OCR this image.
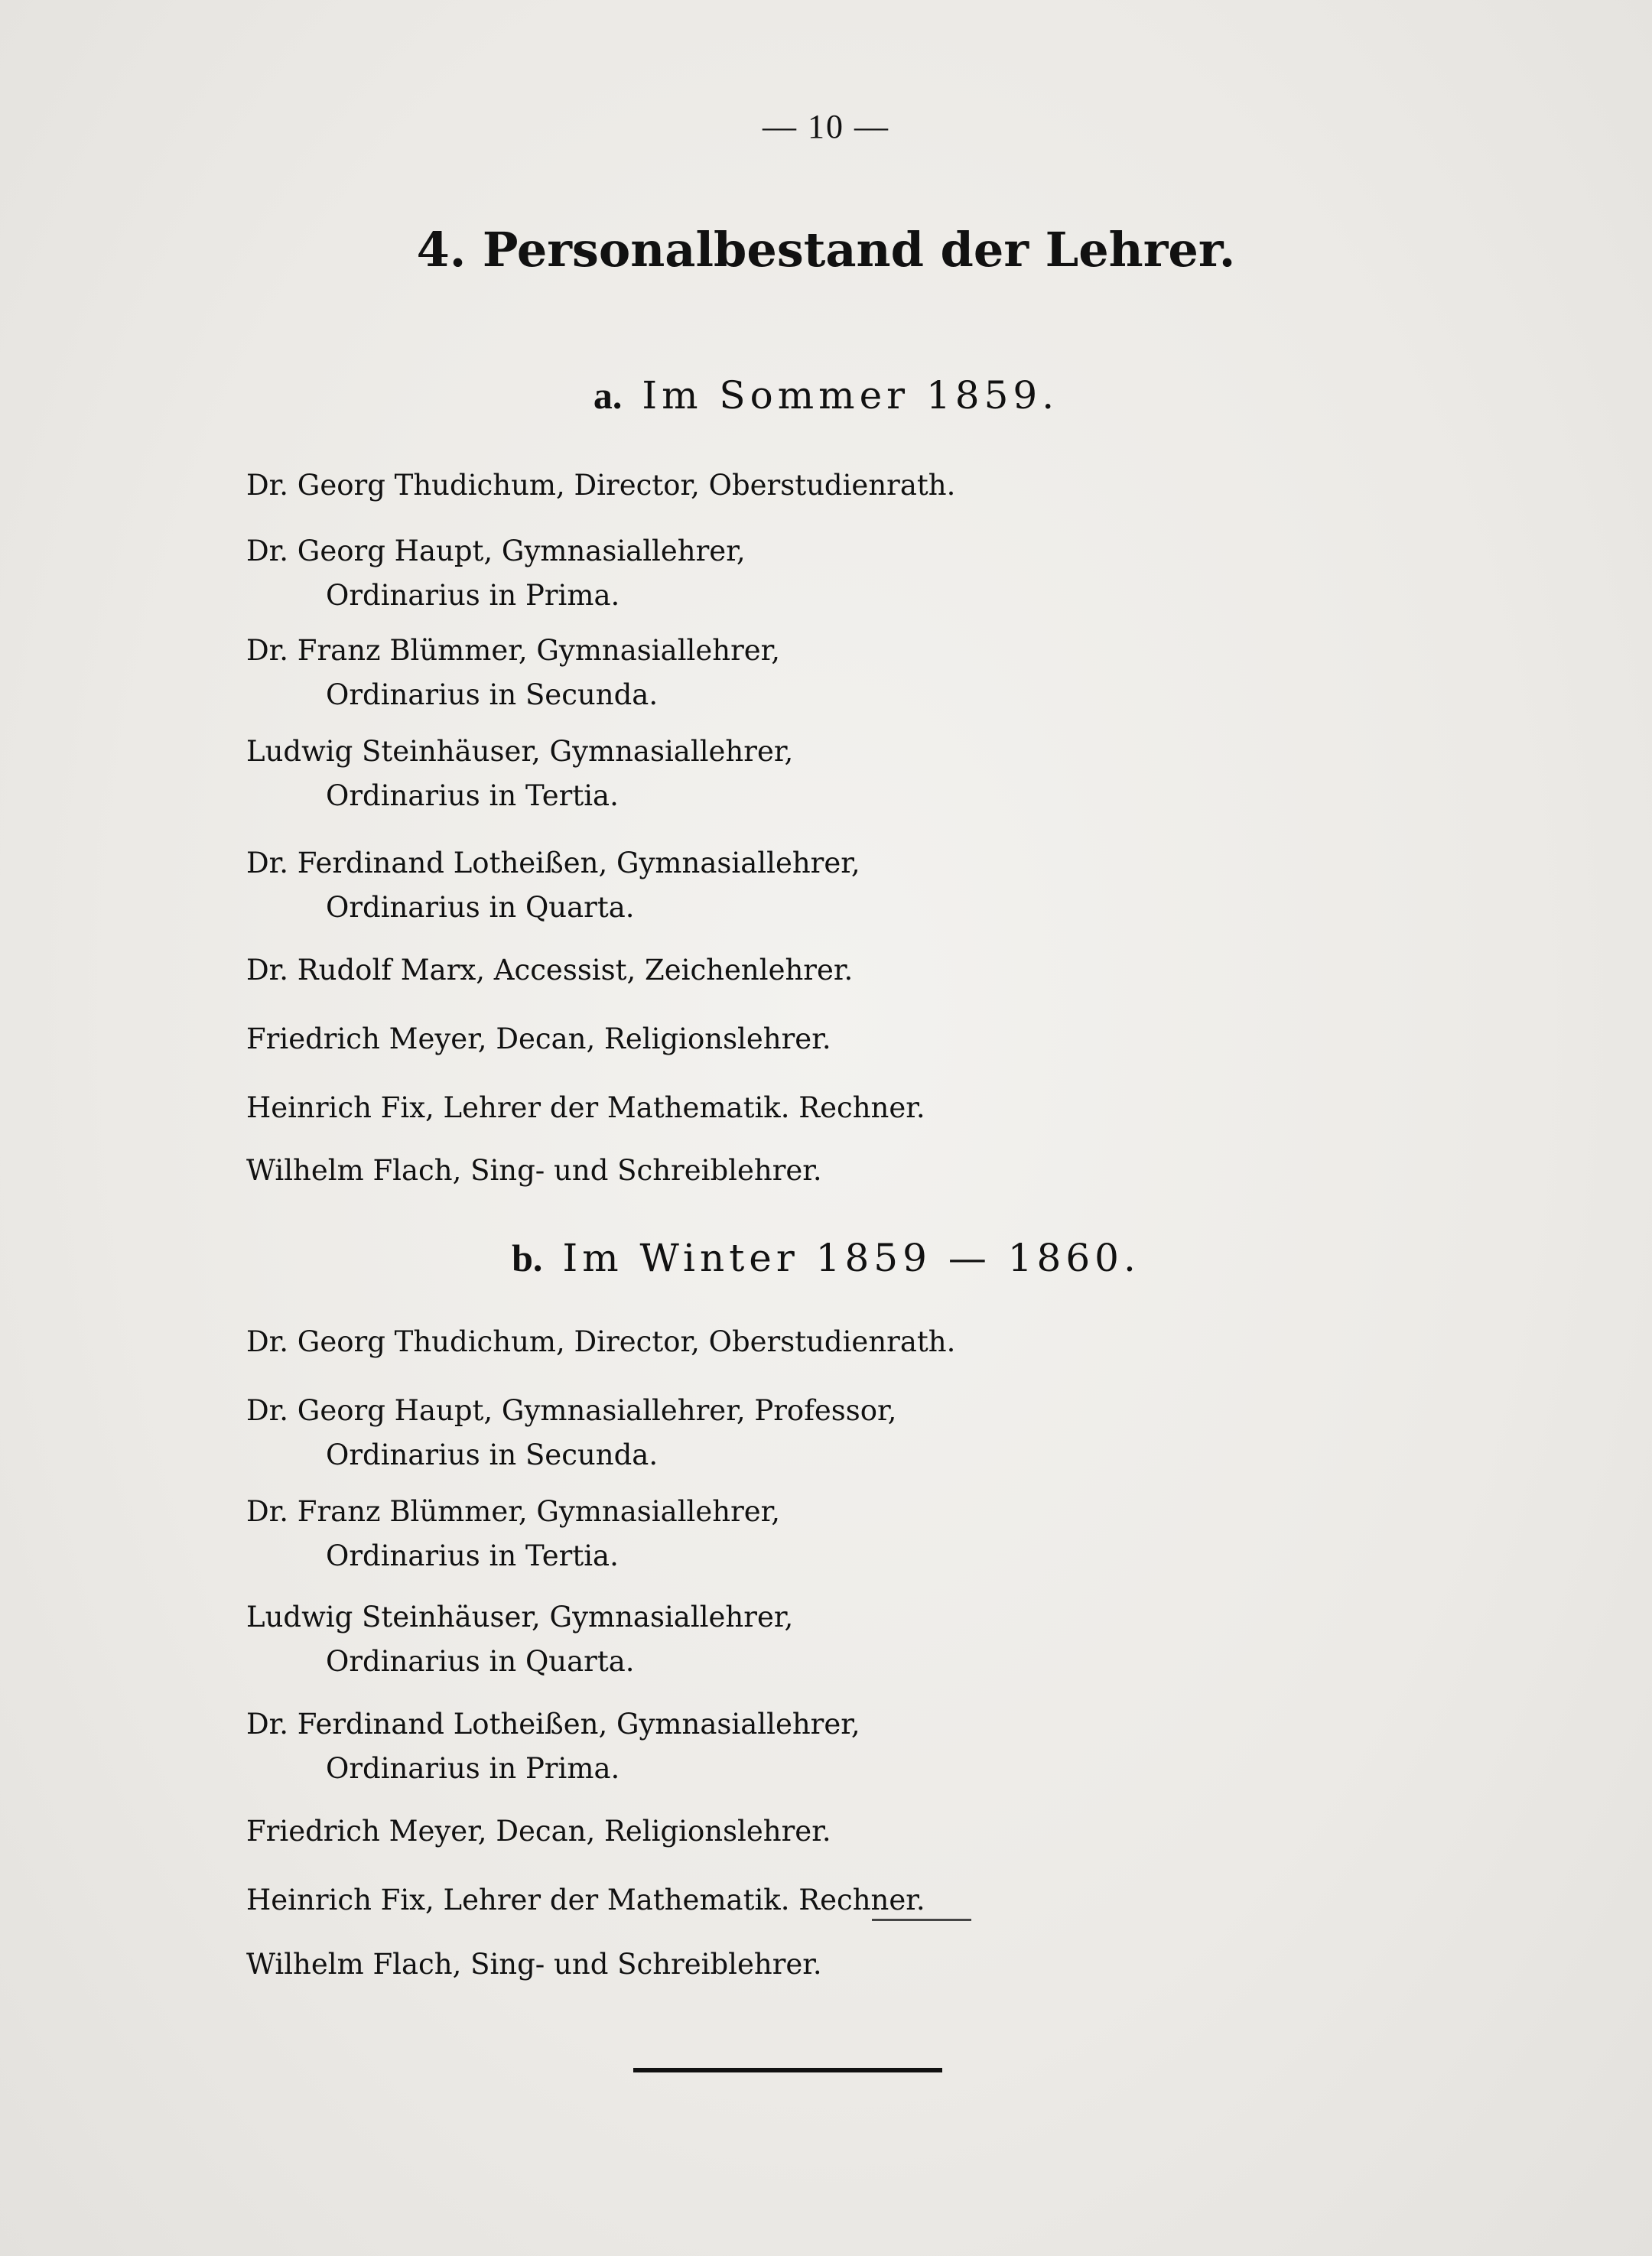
— 10 —
4. Personalbestand der Lehrer.
a. Im Sommer 1859.
Dr. Georg Thudichum, Director, Oberstudienrath.
Dr. Georg Haupt, Gymnasiallehrer,
Ordinarius in Prima.
Dr. Franz Blümmer, Gymnasiallehrer,
Ordinarius in Secunda.
Ludwig Steinhäuser, Gymnasiallehrer,
Ordinarius in Tertia.
Dr. Ferdinand Lotheißen, Gymnasiallehrer,
Ordinarius in Quarta.
Dr. Rudolf Marx, Accessist, Zeichenlehrer.
Friedrich Meyer, Decan, Religionslehrer.
Heinrich Fix, Lehrer der Mathematik. Rechner.
Wilhelm Flach, Sing- und Schreiblehrer.
b. Im Winter 1859 — 1860.
Dr. Georg Thudichum, Director, Oberstudienrath.
Dr. Georg Haupt, Gymnasiallehrer, Professor,
Ordinarius in Secunda.
Dr. Franz Blümmer, Gymnasiallehrer,
Ordinarius in Tertia.
Ludwig Steinhäuser, Gymnasiallehrer,
Ordinarius in Quarta.
Dr. Ferdinand Lotheißen, Gymnasiallehrer,
Ordinarius in Prima.
Friedrich Meyer, Decan, Religionslehrer.
Heinrich Fix, Lehrer der Mathematik. Rechner.
Wilhelm Flach, Sing- und Schreiblehrer.
